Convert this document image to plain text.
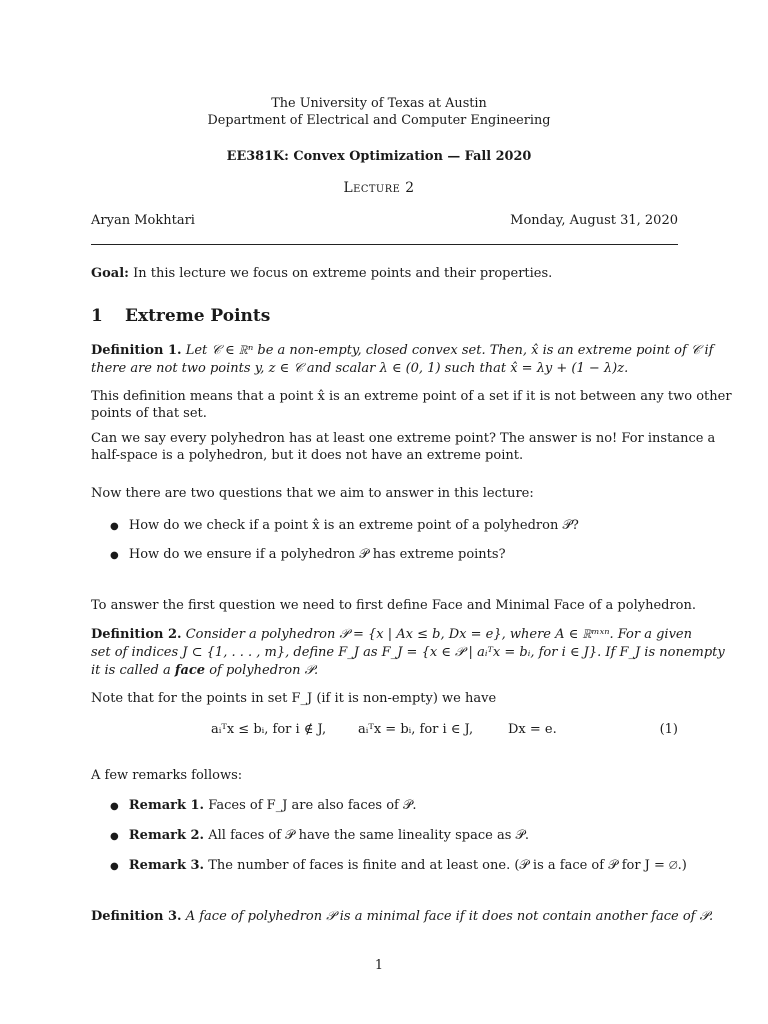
The University of Texas at Austin
Department of Electrical and Computer Engineering
EE381K: Convex Optimization — Fall 2020
Lecture 2
Aryan Mokhtari	Monday, August 31, 2020
Goal: In this lecture we focus on extreme points and their properties.
1 Extreme Points
Definition 1. Let 𝒞 ∈ ℝⁿ be a non-empty, closed convex set. Then, x̂ is an extreme point of 𝒞 if
there are not two points y, z ∈ 𝒞 and scalar λ ∈ (0, 1) such that x̂ = λy + (1 − λ)z.
This definition means that a point x̂ is an extreme point of a set if it is not between any two other
points of that set.
Can we say every polyhedron has at least one extreme point? The answer is no! For instance a
half-space is a polyhedron, but it does not have an extreme point.
Now there are two questions that we aim to answer in this lecture:
● How do we check if a point x̂ is an extreme point of a polyhedron 𝒫?
● How do we ensure if a polyhedron 𝒫 has extreme points?
To answer the first question we need to first define Face and Minimal Face of a polyhedron.
Definition 2. Consider a polyhedron 𝒫 = {x | Ax ≤ b, Dx = e}, where A ∈ ℝᵐˣⁿ. For a given
set of indices J ⊂ {1, . . . , m}, define F_J as F_J = {x ∈ 𝒫 | aᵢᵀx = bᵢ, for i ∈ J}. If F_J is nonempty
it is called a face of polyhedron 𝒫.
Note that for the points in set F_J (if it is non-empty) we have
aᵢᵀx ≤ bᵢ, for i ∉ J, aᵢᵀx = bᵢ, for i ∈ J,	Dx = e.	(1)
A few remarks follows:
● Remark 1. Faces of F_J are also faces of 𝒫.
● Remark 2. All faces of 𝒫 have the same lineality space as 𝒫.
● Remark 3. The number of faces is finite and at least one. (𝒫 is a face of 𝒫 for J = ∅.)
Definition 3. A face of polyhedron 𝒫 is a minimal face if it does not contain another face of 𝒫.
1
